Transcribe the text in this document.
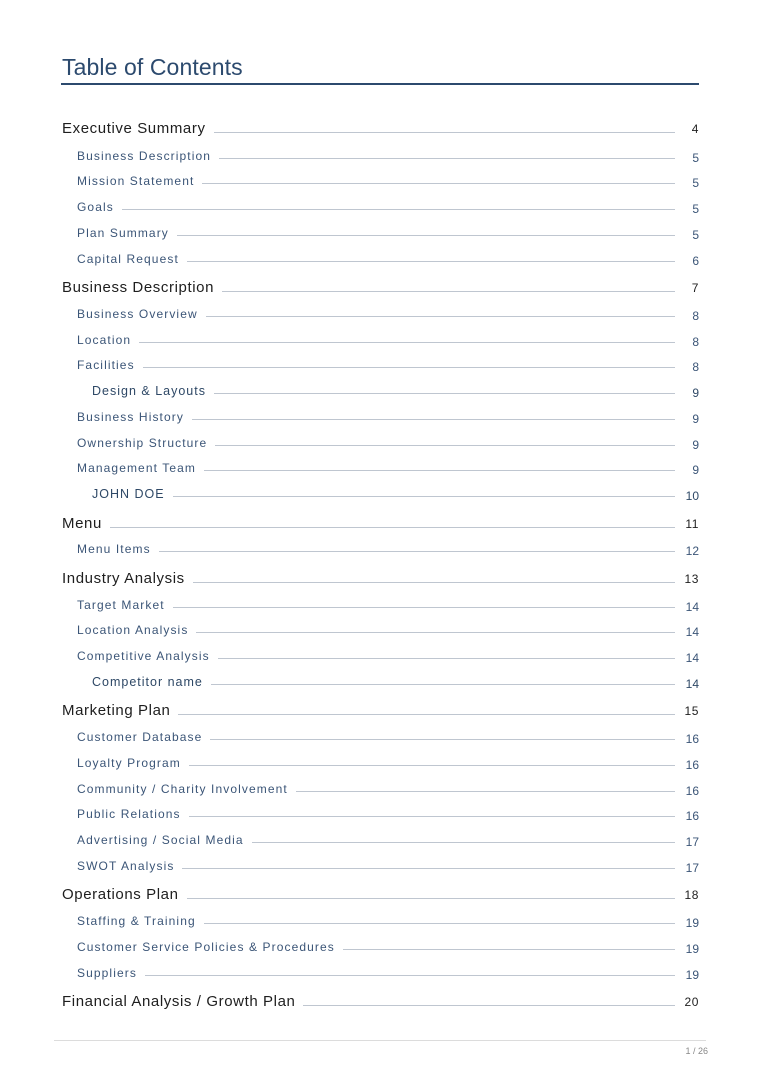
Table of Contents
Executive Summary	4
Business Description	5
Mission Statement	5
Goals	5
Plan Summary	5
Capital Request	6
Business Description	7
Business Overview	8
Location	8
Facilities	8
Design & Layouts	9
Business History	9
Ownership Structure	9
Management Team	9
JOHN DOE	10
Menu	11
Menu Items	12
Industry Analysis	13
Target Market	14
Location Analysis	14
Competitive Analysis	14
Competitor name	14
Marketing Plan	15
Customer Database	16
Loyalty Program	16
Community / Charity Involvement	16
Public Relations	16
Advertising / Social Media	17
SWOT Analysis	17
Operations Plan	18
Staffing & Training	19
Customer Service Policies & Procedures	19
Suppliers	19
Financial Analysis / Growth Plan	20
1 / 26
